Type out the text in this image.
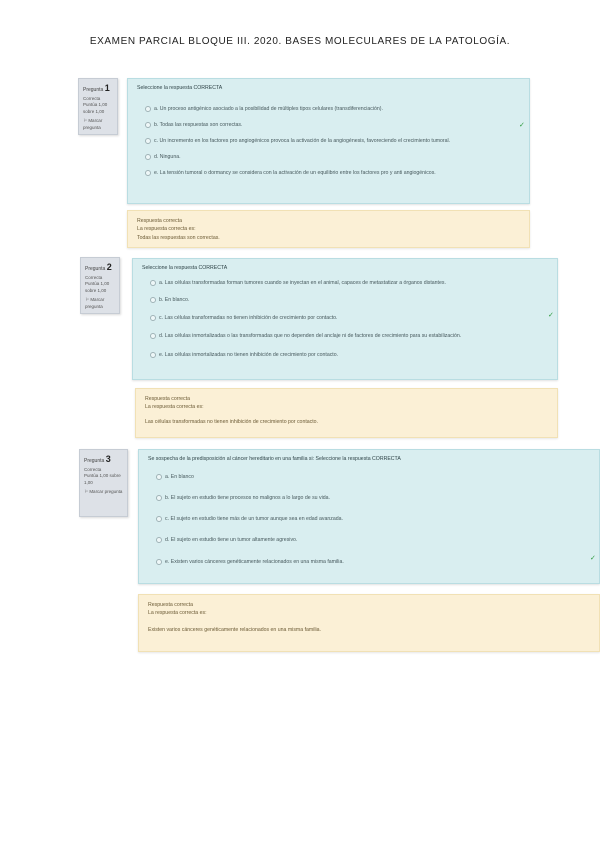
EXAMEN PARCIAL BLOQUE III. 2020. BASES MOLECULARES DE LA PATOLOGÍA.
Pregunta 1
Correcta
Puntúa 1,00 sobre 1,00
⚐ Marcar pregunta
Seleccione la respuesta CORRECTA
a. Un proceso antigénico asociado a la posibilidad de múltiples tipos celulares (transdiferenciación).
b. Todas las respuestas son correctas.	✓
c. Un incremento en los factores pro angiogénicos provoca la activación de la angiogénesis, favoreciendo el crecimiento tumoral.
d. Ninguna.
e. La tensión tumoral o dormancy se considera con la activación de un equilibrio entre los factores pro y anti angiogénicos.
Respuesta correcta
La respuesta correcta es:
Todas las respuestas son correctas.
Pregunta 2
Correcta
Puntúa 1,00 sobre 1,00
⚐ Marcar pregunta
Seleccione la respuesta CORRECTA
a. Las células transformadas forman tumores cuando se inyectan en el animal, capaces de metastatizar a órganos distantes.
b. En blanco.
c. Las células transformadas no tienen inhibición de crecimiento por contacto.	✓
d. Las células inmortalizadas o las transformadas que no dependen del anclaje ni de factores de crecimiento para su estabilización.
e. Las células inmortalizadas no tienen inhibición de crecimiento por contacto.
Respuesta correcta
La respuesta correcta es:
Las células transformadas no tienen inhibición de crecimiento por contacto.
Pregunta 3
Correcta
Puntúa 1,00 sobre 1,00
⚐ Marcar pregunta
Se sospecha de la predisposición al cáncer hereditario en una familia si: Seleccione la respuesta CORRECTA
a. En blanco
b. El sujeto en estudio tiene procesos no malignos a lo largo de su vida.
c. El sujeto en estudio tiene más de un tumor aunque sea en edad avanzada.
d. El sujeto en estudio tiene un tumor altamente agresivo.
e. Existen varios cánceres genéticamente relacionados en una misma familia.	✓
Respuesta correcta
La respuesta correcta es:
Existen varios cánceres genéticamente relacionados en una misma familia.
